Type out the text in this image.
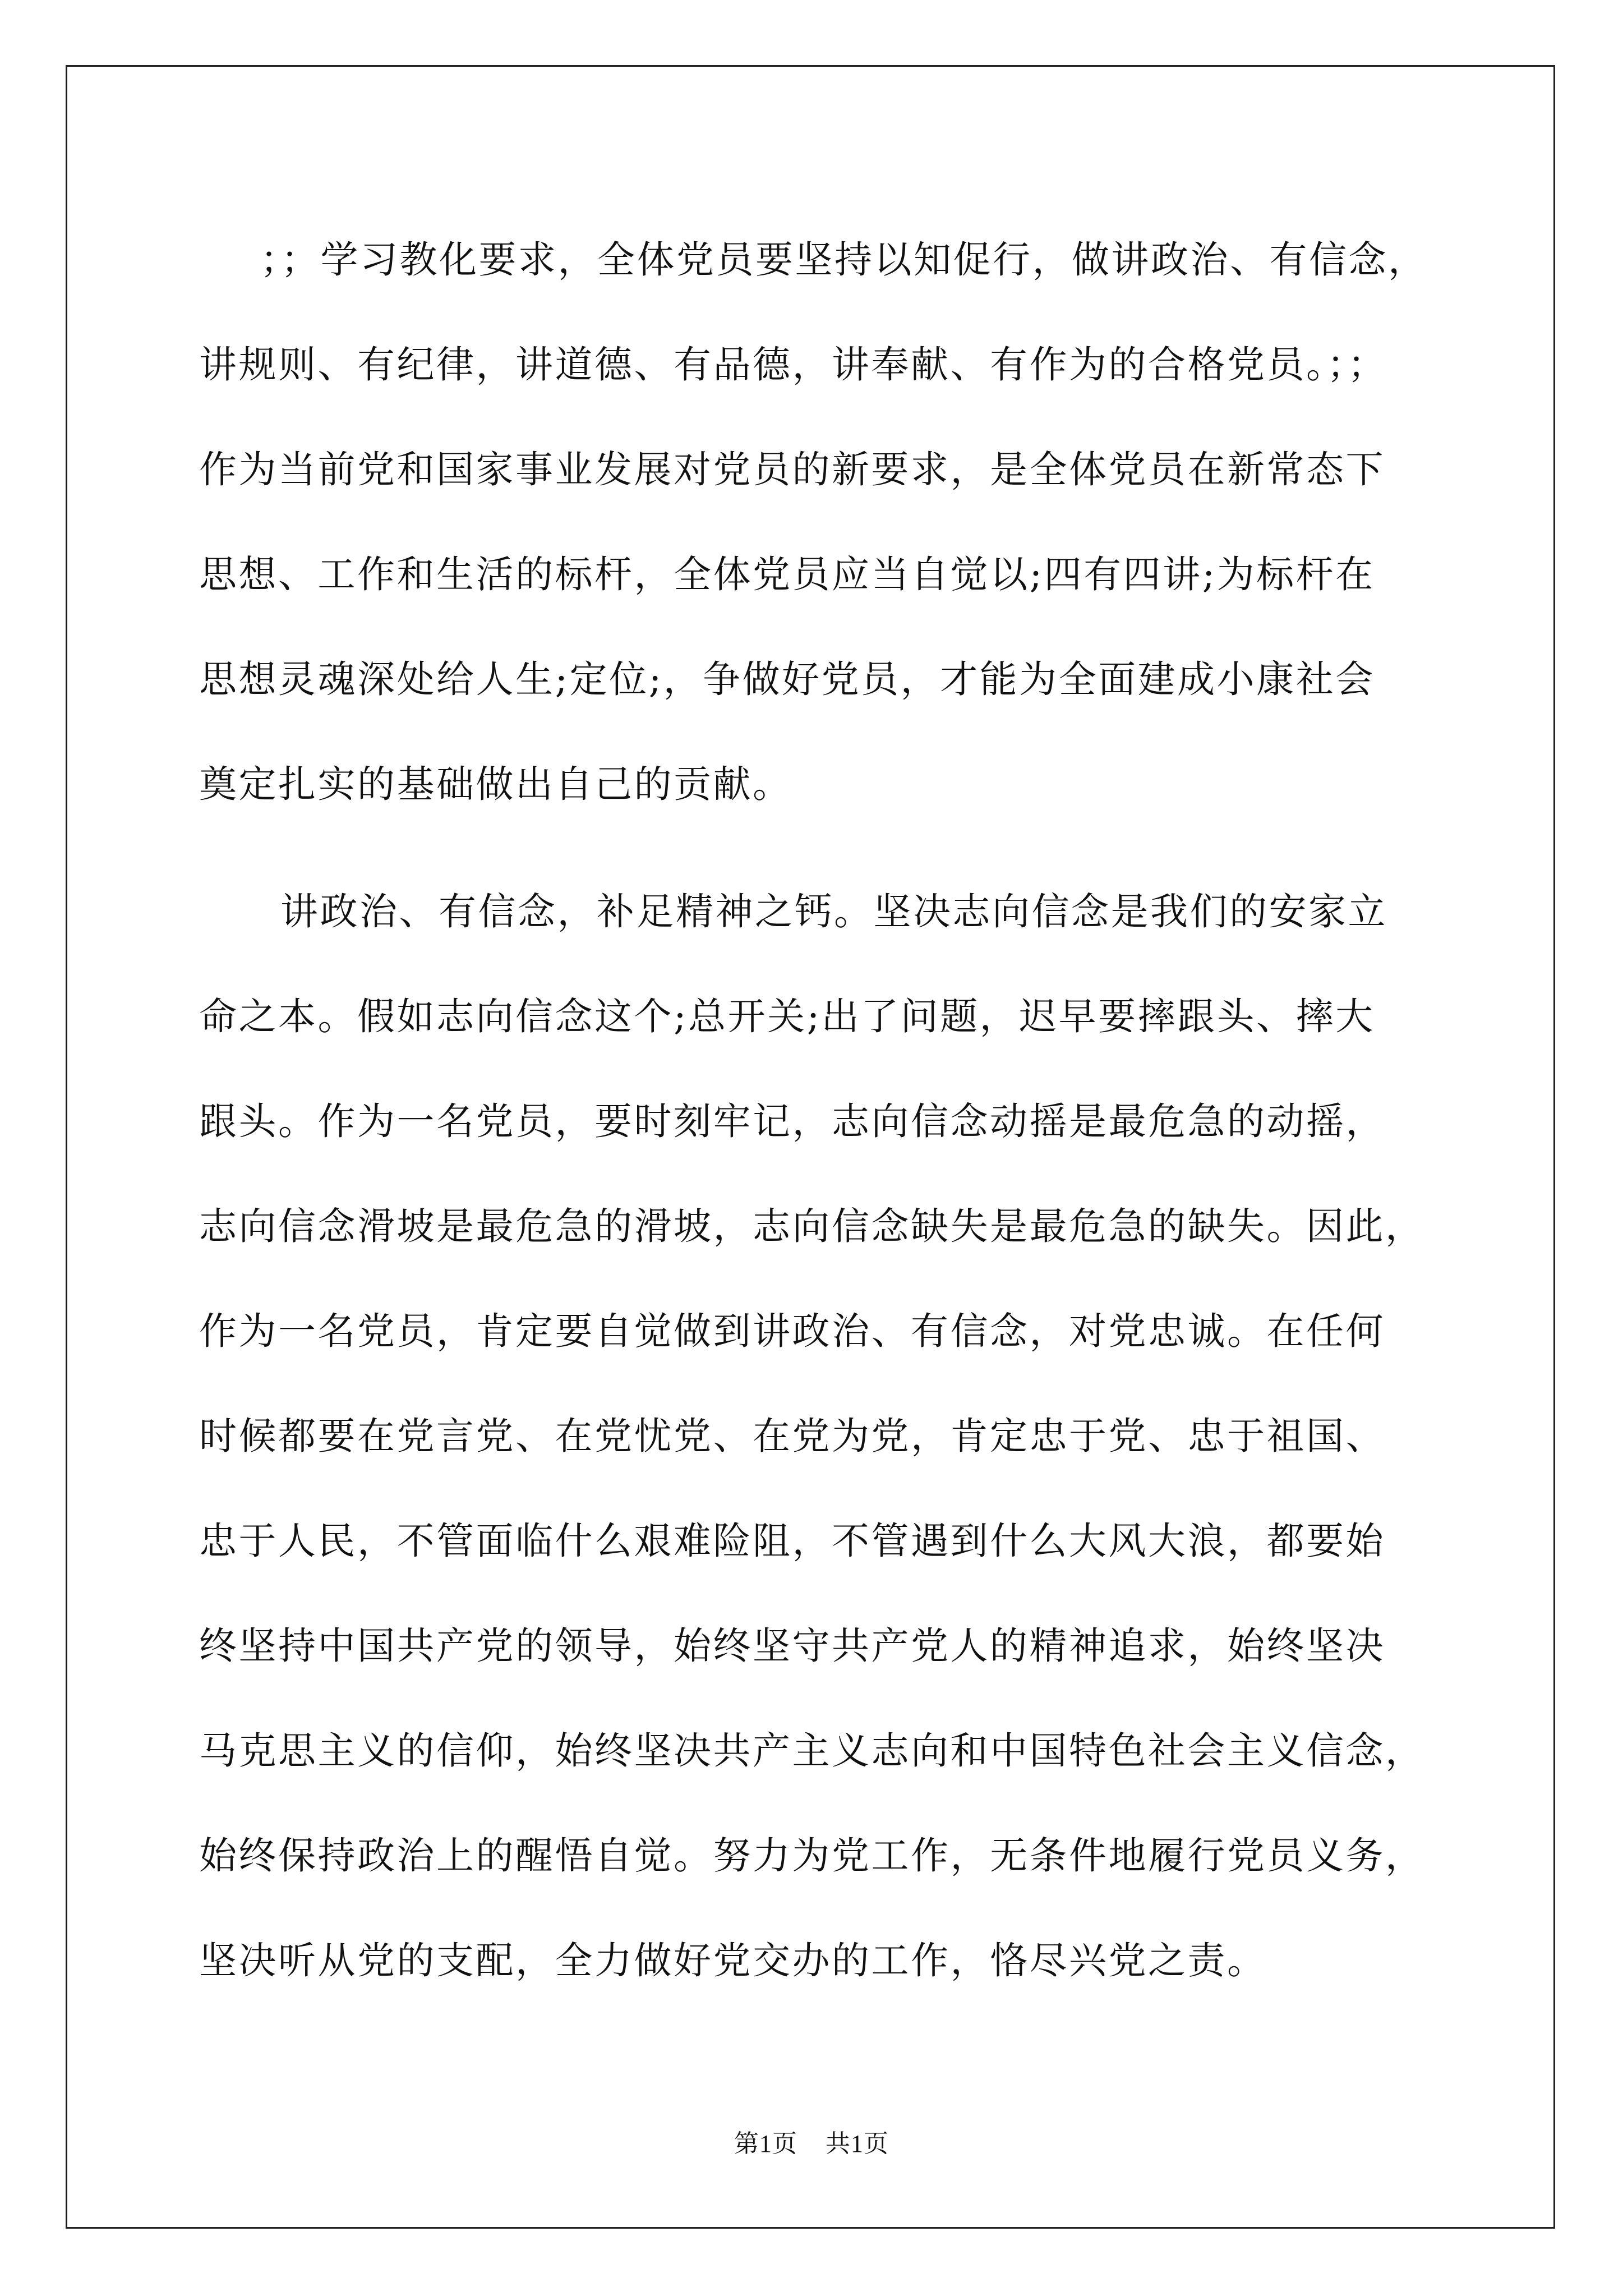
；；学习教化要求，全体党员要坚持以知促行，做讲政治、有信念，
讲规则、有纪律，讲道德、有品德，讲奉献、有作为的合格党员。；；
作为当前党和国家事业发展对党员的新要求，是全体党员在新常态下
思想、工作和生活的标杆，全体党员应当自觉以;四有四讲;为标杆在
思想灵魂深处给人生;定位;，争做好党员，才能为全面建成小康社会
奠定扎实的基础做出自己的贡献。
讲政治、有信念，补足精神之钙。坚决志向信念是我们的安家立
命之本。假如志向信念这个;总开关;出了问题，迟早要摔跟头、摔大
跟头。作为一名党员，要时刻牢记，志向信念动摇是最危急的动摇，
志向信念滑坡是最危急的滑坡，志向信念缺失是最危急的缺失。因此，
作为一名党员，肯定要自觉做到讲政治、有信念，对党忠诚。在任何
时候都要在党言党、在党忧党、在党为党，肯定忠于党、忠于祖国、
忠于人民，不管面临什么艰难险阻，不管遇到什么大风大浪，都要始
终坚持中国共产党的领导，始终坚守共产党人的精神追求，始终坚决
马克思主义的信仰，始终坚决共产主义志向和中国特色社会主义信念，
始终保持政治上的醒悟自觉。努力为党工作，无条件地履行党员义务，
坚决听从党的支配，全力做好党交办的工作，恪尽兴党之责。
第1页 共1页
